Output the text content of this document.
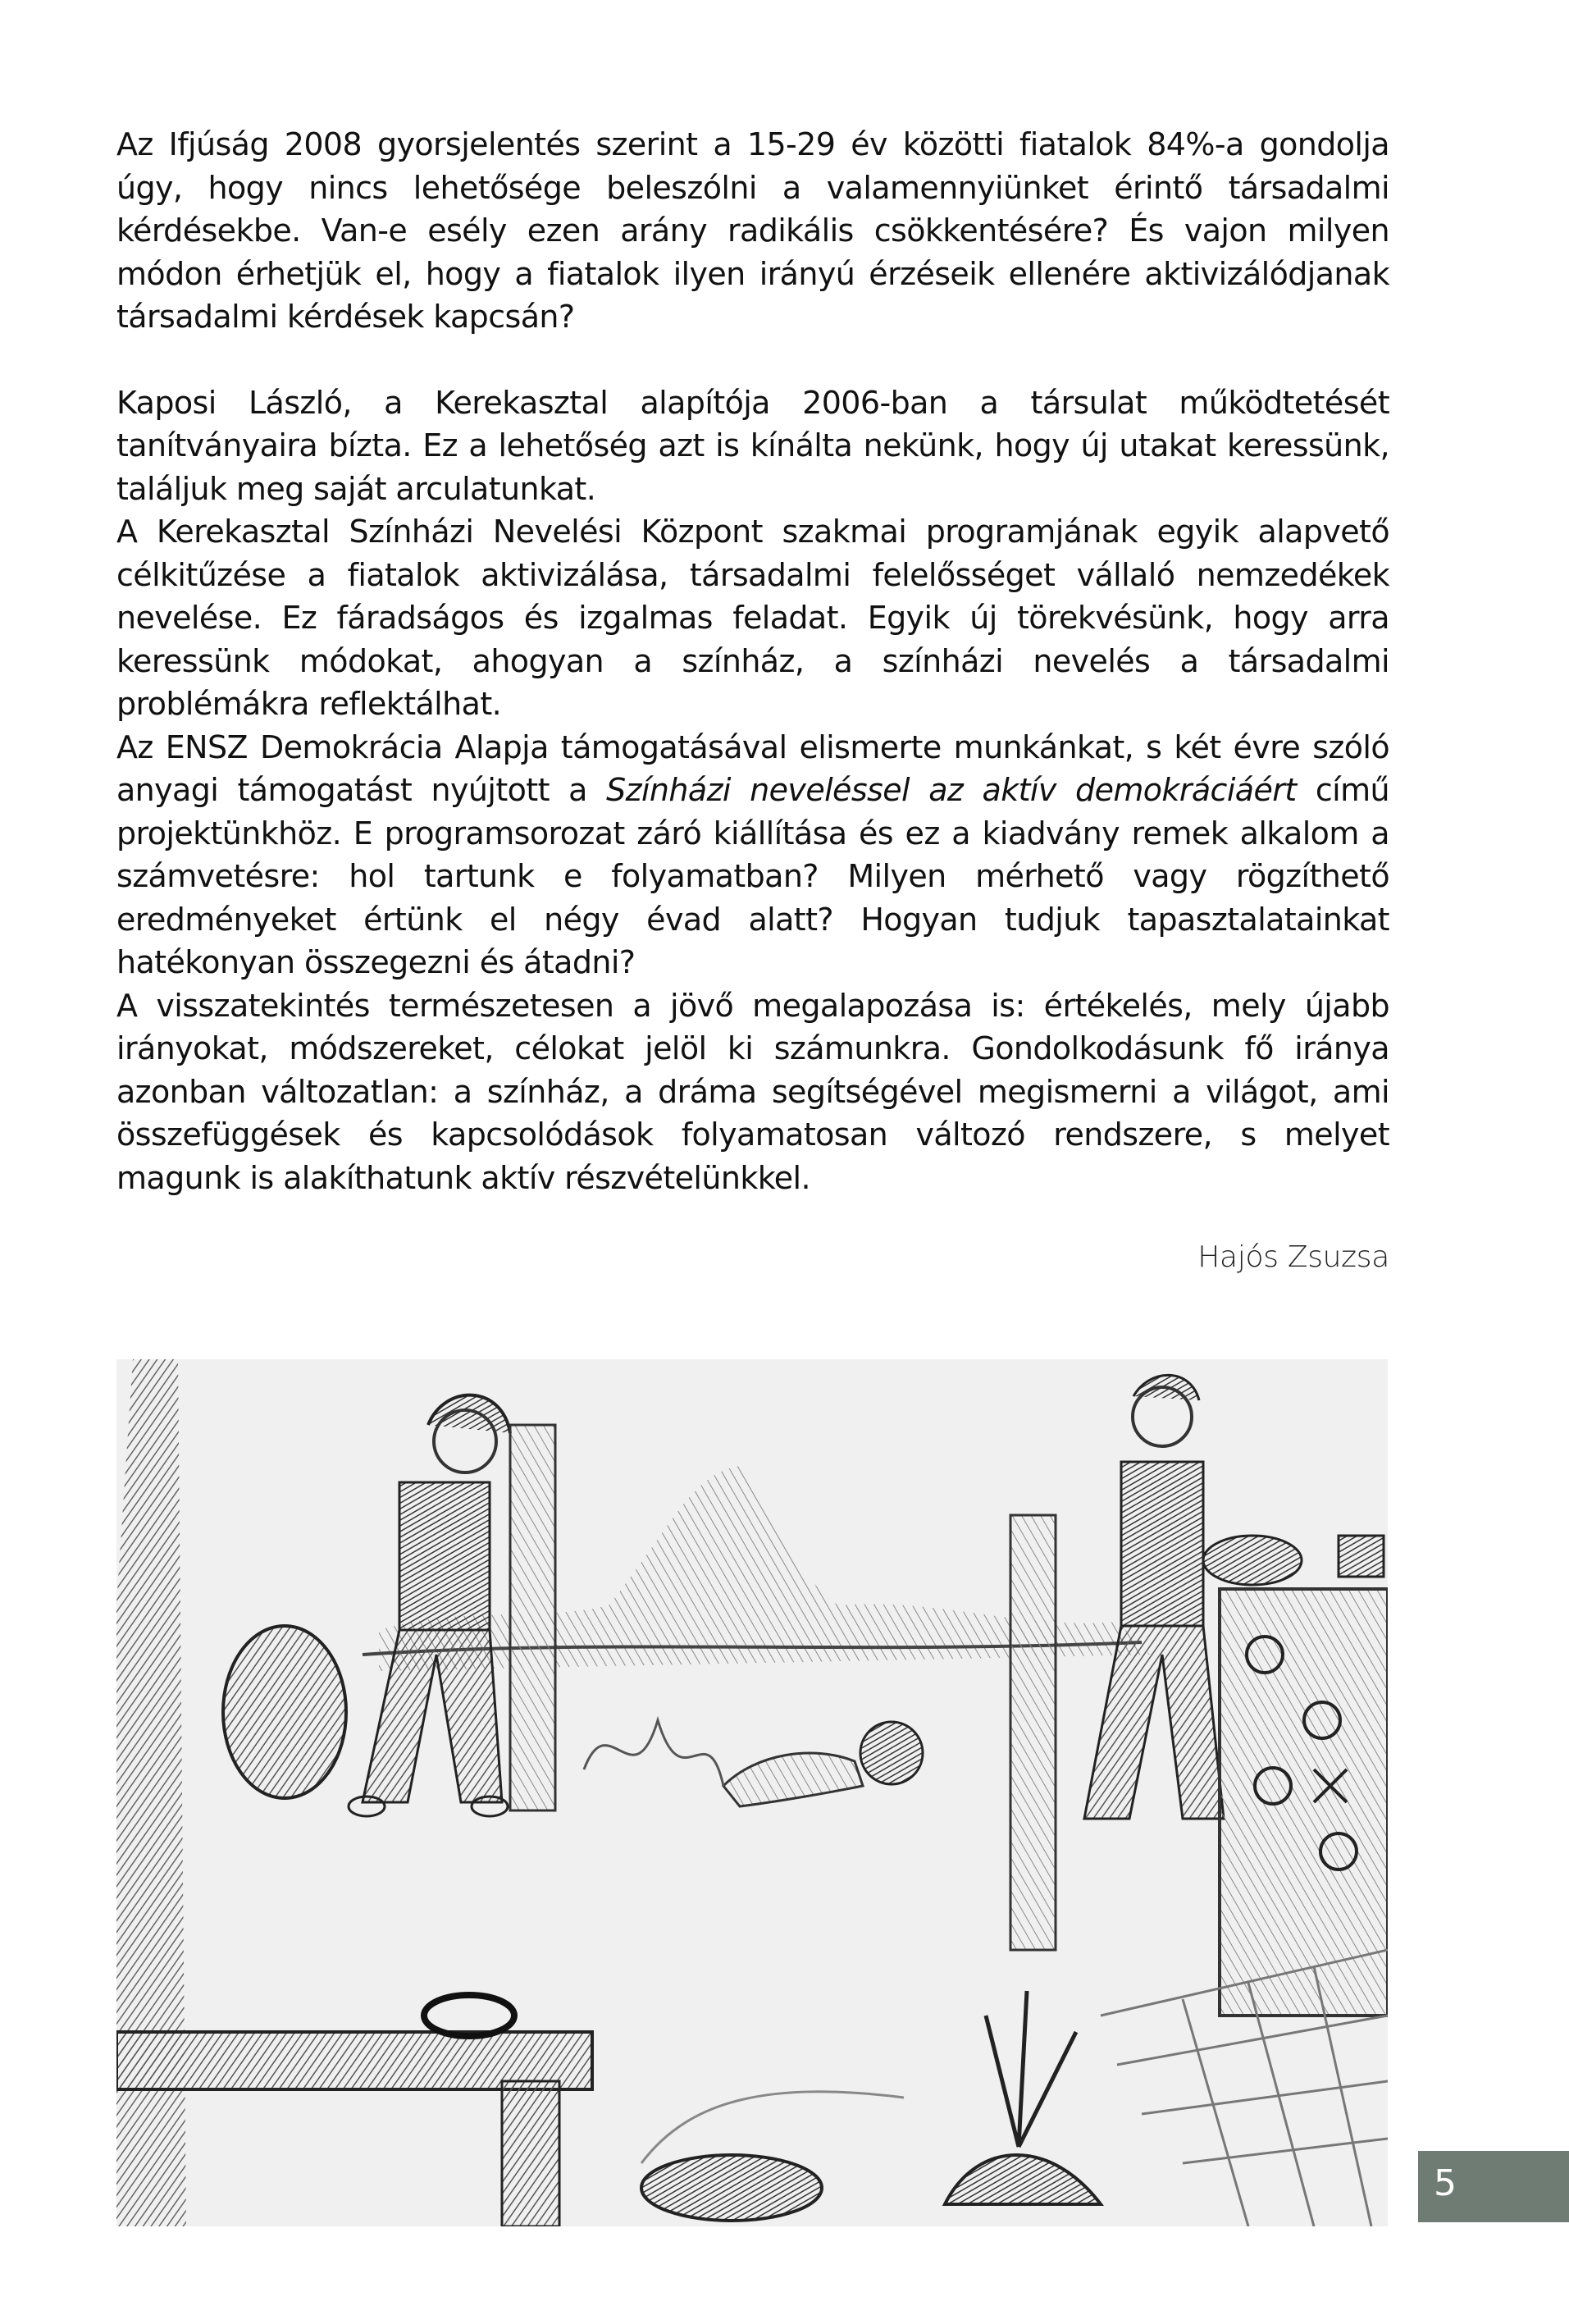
Az Ifjúság 2008 gyorsjelentés szerint a 15-29 év közötti fiatalok 84%-a gondolja úgy, hogy nincs lehetősége beleszólni a valamennyiünket érintő társadalmi kérdésekbe. Van-e esély ezen arány radikális csökkentésére? És vajon milyen módon érhetjük el, hogy a fiatalok ilyen irányú érzéseik ellenére aktivizálódjanak társadalmi kérdések kapcsán?

Kaposi László, a Kerekasztal alapítója 2006-ban a társulat működtetését tanítványaira bízta. Ez a lehetőség azt is kínálta nekünk, hogy új utakat keressünk, találjuk meg saját arculatunkat.

A Kerekasztal Színházi Nevelési Központ szakmai programjának egyik alapvető célkitűzése a fiatalok aktivizálása, társadalmi felelősséget vállaló nemzedékek nevelése. Ez fáradságos és izgalmas feladat. Egyik új törekvésünk, hogy arra keressünk módokat, ahogyan a színház, a színházi nevelés a társadalmi problémákra reflektálhat.

Az ENSZ Demokrácia Alapja támogatásával elismerte munkánkat, s két évre szóló anyagi támogatást nyújtott a Színházi neveléssel az aktív demokráciáért című projektünkhöz. E programsorozat záró kiállítása és ez a kiadvány remek alkalom a számvetésre: hol tartunk e folyamatban? Milyen mérhető vagy rögzíthető eredményeket értünk el négy évad alatt? Hogyan tudjuk tapasztalatainkat hatékonyan összegezni és átadni?

A visszatekintés természetesen a jövő megalapozása is: értékelés, mely újabb irányokat, módszereket, célokat jelöl ki számunkra. Gondolkodásunk fő iránya azonban változatlan: a színház, a dráma segítségével megismerni a világot, ami összefüggések és kapcsolódások folyamatosan változó rendszere, s melyet magunk is alakíthatunk aktív részvételünkkel.

Hajós Zsuzsa
5
